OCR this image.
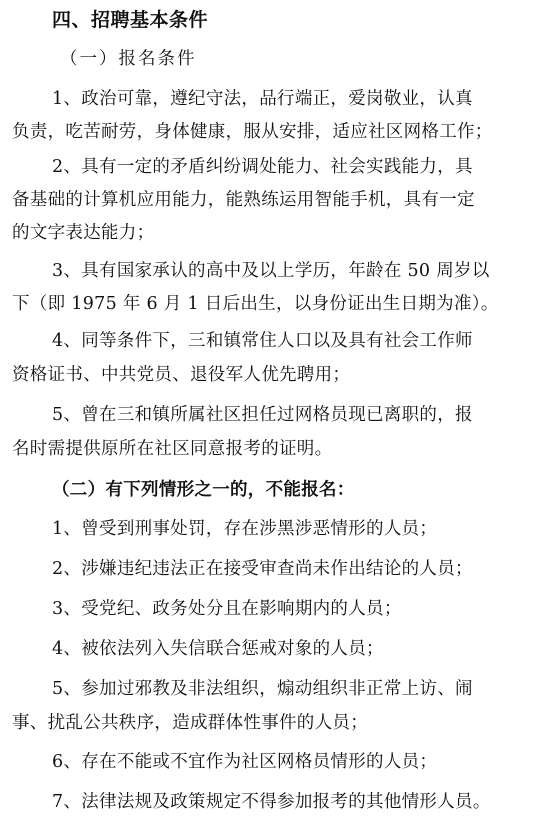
四、招聘基本条件
（一）报名条件
1、政治可靠，遵纪守法，品行端正，爱岗敬业，认真
负责，吃苦耐劳，身体健康，服从安排，适应社区网格工作；
2、具有一定的矛盾纠纷调处能力、社会实践能力，具
备基础的计算机应用能力，能熟练运用智能手机，具有一定
的文字表达能力；
3、具有国家承认的高中及以上学历，年龄在 50 周岁以
下（即 1975 年 6 月 1 日后出生，以身份证出生日期为准）。
4、同等条件下，三和镇常住人口以及具有社会工作师
资格证书、中共党员、退役军人优先聘用；
5、曾在三和镇所属社区担任过网格员现已离职的，报
名时需提供原所在社区同意报考的证明。
（二）有下列情形之一的，不能报名：
1、曾受到刑事处罚，存在涉黑涉恶情形的人员；
2、涉嫌违纪违法正在接受审查尚未作出结论的人员；
3、受党纪、政务处分且在影响期内的人员；
4、被依法列入失信联合惩戒对象的人员；
5、参加过邪教及非法组织，煽动组织非正常上访、闹
事、扰乱公共秩序，造成群体性事件的人员；
6、存在不能或不宜作为社区网格员情形的人员；
7、法律法规及政策规定不得参加报考的其他情形人员。
